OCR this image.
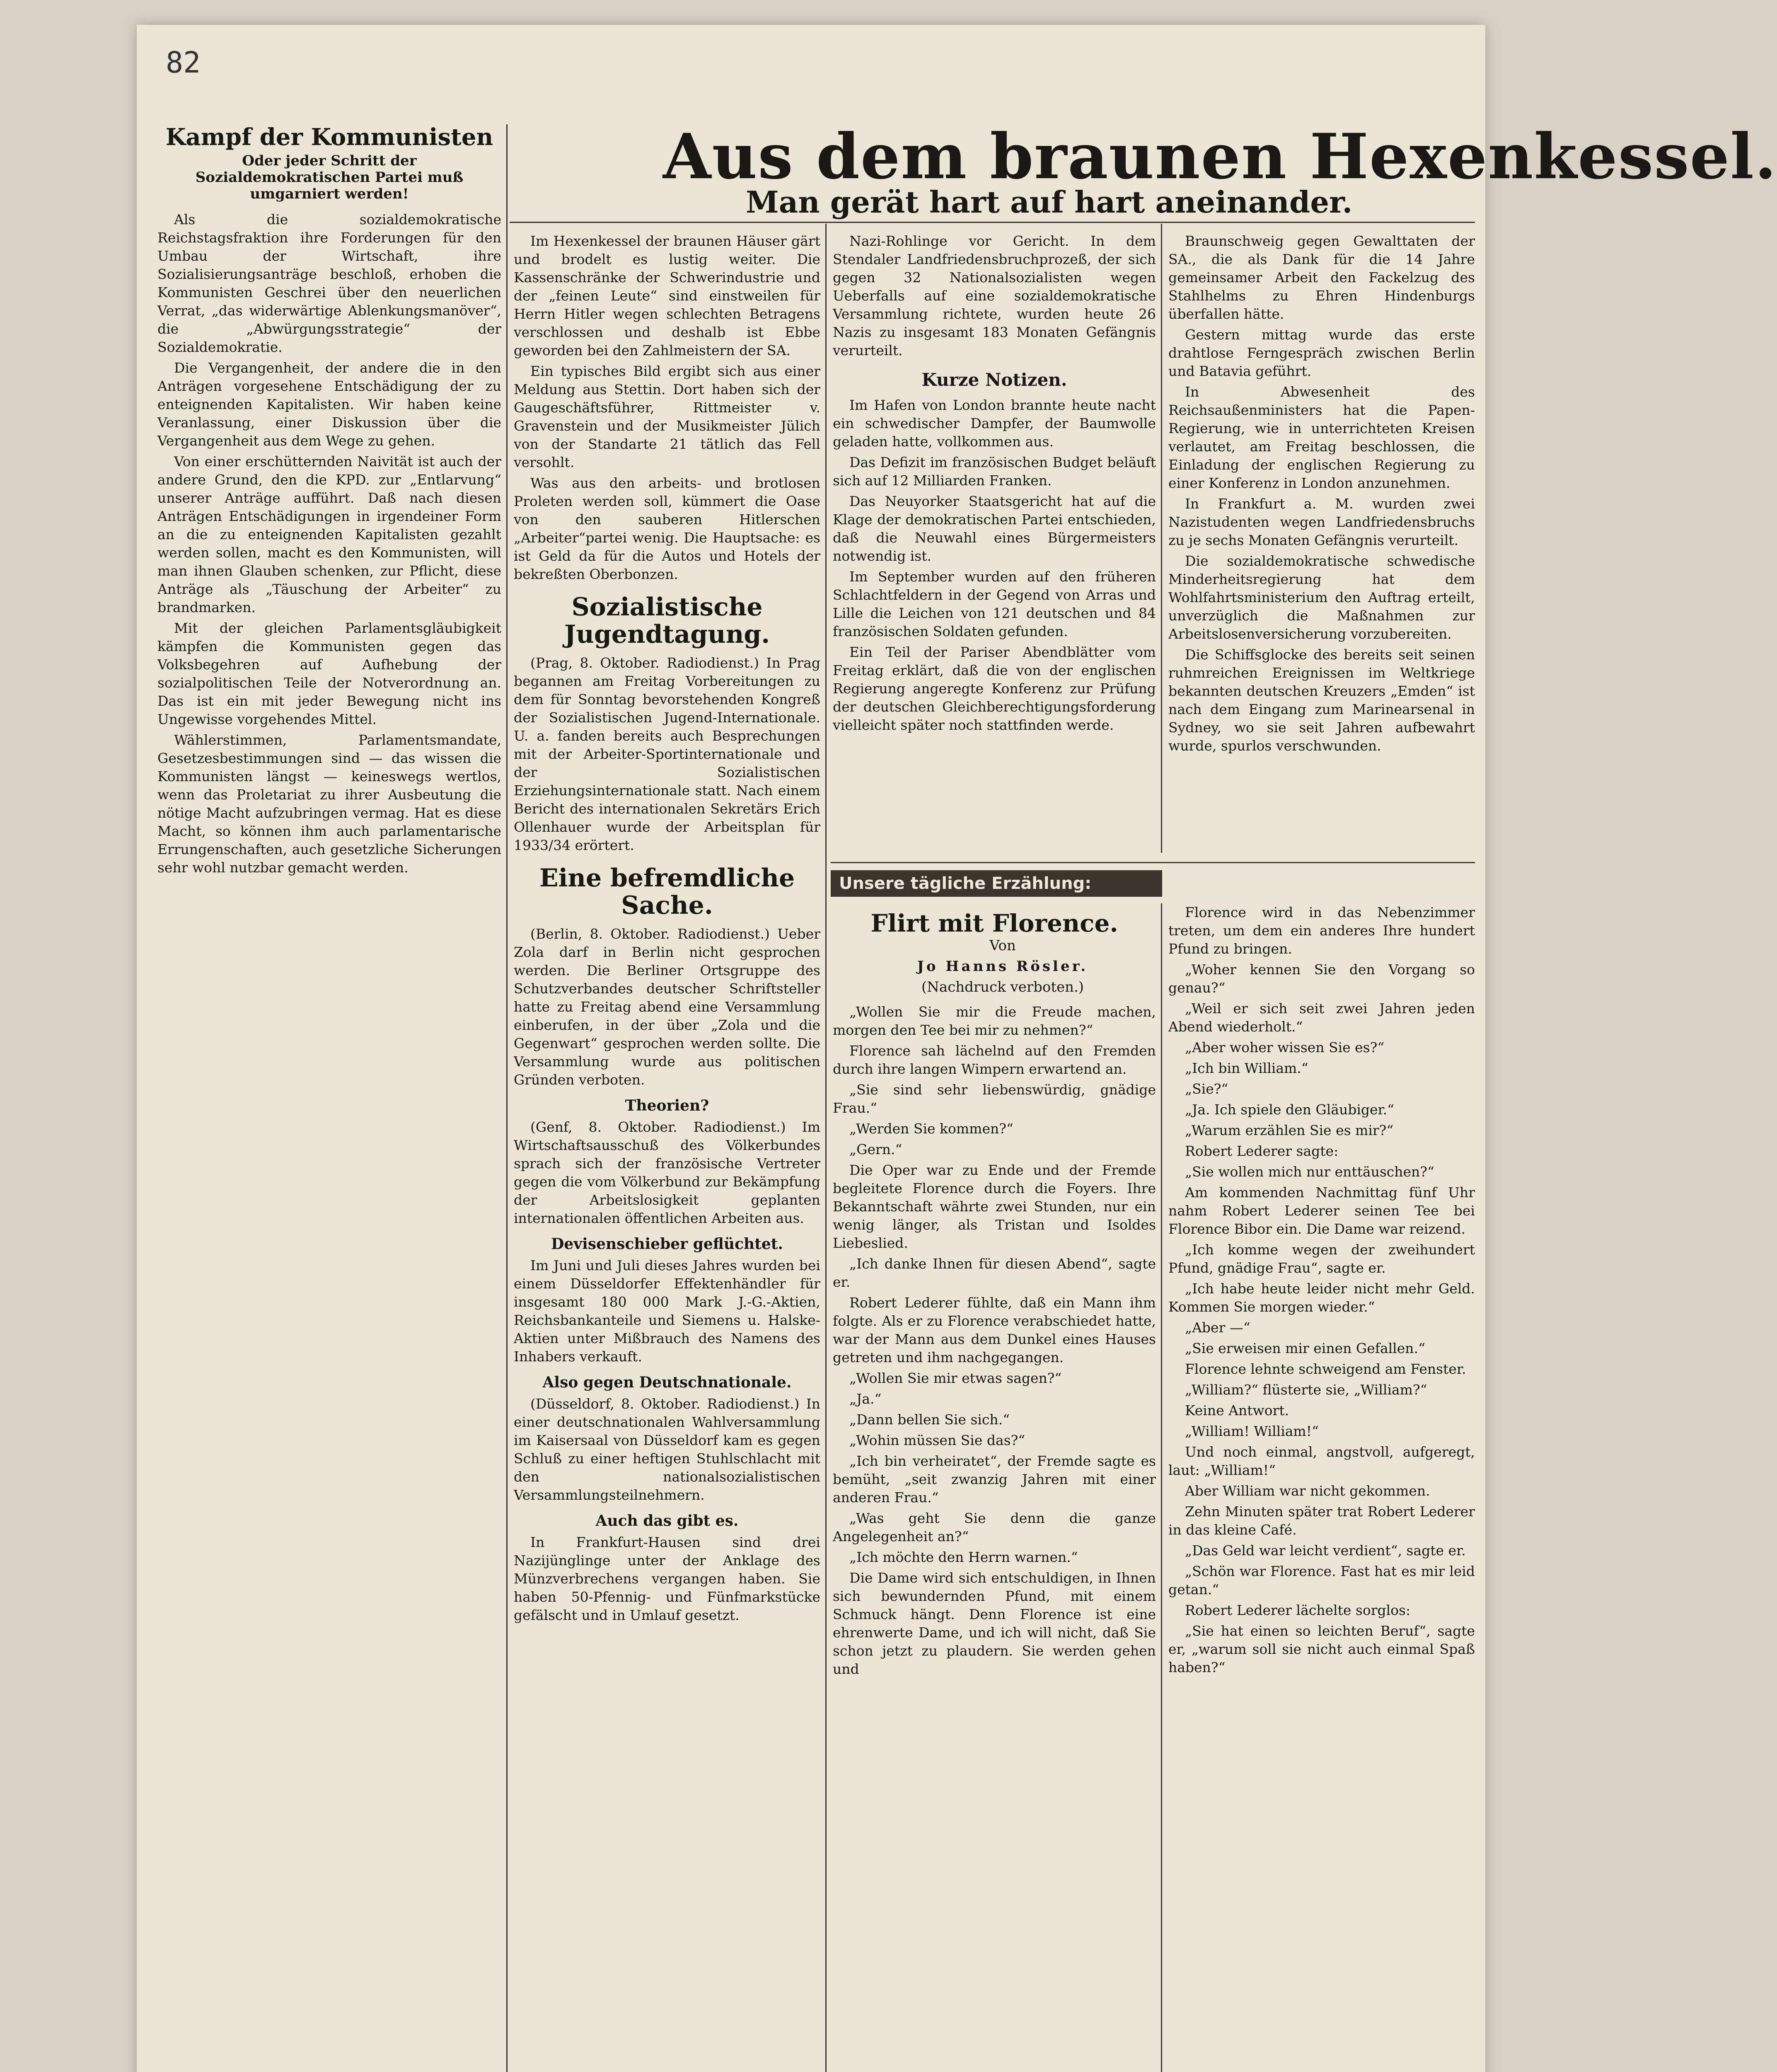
82
Aus dem braunen Hexenkessel.
Man gerät hart auf hart aneinander.
Kampf der Kommunisten
Oder jeder Schritt der Sozialdemokratischen Partei muß umgarniert werden!

Als die sozialdemokratische Reichstagsfraktion ihre Forderungen für den Umbau der Wirtschaft, ihre Sozialisierungsanträge beschloß, erhoben die Kommunisten Geschrei über den neuerlichen Verrat, „das widerwärtige Ablenkungsmanöver“, die „Abwürgungsstrategie“ der Sozialdemokratie.

Die Vergangenheit, der andere die in den Anträgen vorgesehene Entschädigung der zu enteignenden Kapitalisten. Wir haben keine Veranlassung, einer Diskussion über die Vergangenheit aus dem Wege zu gehen.

Von einer erschütternden Naivität ist auch der andere Grund, den die KPD. zur „Entlarvung“ unserer Anträge aufführt. Daß nach diesen Anträgen Entschädigungen in irgendeiner Form an die zu enteignenden Kapitalisten gezahlt werden sollen, macht es den Kommunisten, will man ihnen Glauben schenken, zur Pflicht, diese Anträge als „Täuschung der Arbeiter“ zu brandmarken.

Mit der gleichen Parlamentsgläubigkeit kämpfen die Kommunisten gegen das Volksbegehren auf Aufhebung der sozialpolitischen Teile der Notverordnung an. Das ist ein mit jeder Bewegung nicht ins Ungewisse vorgehendes Mittel.

Wählerstimmen, Parlamentsmandate, Gesetzesbestimmungen sind — das wissen die Kommunisten längst — keineswegs wertlos, wenn das Proletariat zu ihrer Ausbeutung die nötige Macht aufzubringen vermag. Hat es diese Macht, so können ihm auch parlamentarische Errungenschaften, auch gesetzliche Sicherungen sehr wohl nutzbar gemacht werden.

Im Hexenkessel der braunen Häuser gärt und brodelt es lustig weiter. Die Kassenschränke der Schwerindustrie und der „feinen Leute“ sind einstweilen für Herrn Hitler wegen schlechten Betragens verschlossen und deshalb ist Ebbe geworden bei den Zahlmeistern der SA.

Ein typisches Bild ergibt sich aus einer Meldung aus Stettin. Dort haben sich der Gaugeschäftsführer, Rittmeister v. Gravenstein und der Musikmeister Jülich von der Standarte 21 tätlich das Fell versohlt.

Was aus den arbeits- und brotlosen Proleten werden soll, kümmert die Oase von den sauberen Hitlerschen „Arbeiter“partei wenig. Die Hauptsache: es ist Geld da für die Autos und Hotels der bekreßten Oberbonzen.

Sozialistische Jugendtagung.

(Prag, 8. Oktober. Radiodienst.) In Prag begannen am Freitag Vorbereitungen zu dem für Sonntag bevorstehenden Kongreß der Sozialistischen Jugend-Internationale. U. a. fanden bereits auch Besprechungen mit der Arbeiter-Sportinternationale und der Sozialistischen Erziehungsinternationale statt. Nach einem Bericht des internationalen Sekretärs Erich Ollenhauer wurde der Arbeitsplan für 1933/34 erörtert.

Eine befremdliche Sache.

(Berlin, 8. Oktober. Radiodienst.) Ueber Zola darf in Berlin nicht gesprochen werden. Die Berliner Ortsgruppe des Schutzverbandes deutscher Schriftsteller hatte zu Freitag abend eine Versammlung einberufen, in der über „Zola und die Gegenwart“ gesprochen werden sollte. Die Versammlung wurde aus politischen Gründen verboten.

Theorien?

(Genf, 8. Oktober. Radiodienst.) Im Wirtschaftsausschuß des Völkerbundes sprach sich der französische Vertreter gegen die vom Völkerbund zur Bekämpfung der Arbeitslosigkeit geplanten internationalen öffentlichen Arbeiten aus.

Devisenschieber geflüchtet.

Im Juni und Juli dieses Jahres wurden bei einem Düsseldorfer Effektenhändler für insgesamt 180 000 Mark J.-G.-Aktien, Reichsbankanteile und Siemens u. Halske-Aktien unter Mißbrauch des Namens des Inhabers verkauft.

Also gegen Deutschnationale.

(Düsseldorf, 8. Oktober. Radiodienst.) In einer deutschnationalen Wahlversammlung im Kaisersaal von Düsseldorf kam es gegen Schluß zu einer heftigen Stuhlschlacht mit den nationalsozialistischen Versammlungsteilnehmern.

Auch das gibt es.

In Frankfurt-Hausen sind drei Nazijünglinge unter der Anklage des Münzverbrechens vergangen haben. Sie haben 50-Pfennig- und Fünfmarkstücke gefälscht und in Umlauf gesetzt.

Nazi-Rohlinge vor Gericht. In dem Stendaler Landfriedensbruchprozeß, der sich gegen 32 Nationalsozialisten wegen Ueberfalls auf eine sozialdemokratische Versammlung richtete, wurden heute 26 Nazis zu insgesamt 183 Monaten Gefängnis verurteilt.

Kurze Notizen.

Im Hafen von London brannte heute nacht ein schwedischer Dampfer, der Baumwolle geladen hatte, vollkommen aus.

Das Defizit im französischen Budget beläuft sich auf 12 Milliarden Franken.

Das Neuyorker Staatsgericht hat auf die Klage der demokratischen Partei entschieden, daß die Neuwahl eines Bürgermeisters notwendig ist.

Im September wurden auf den früheren Schlachtfeldern in der Gegend von Arras und Lille die Leichen von 121 deutschen und 84 französischen Soldaten gefunden.

Ein Teil der Pariser Abendblätter vom Freitag erklärt, daß die von der englischen Regierung angeregte Konferenz zur Prüfung der deutschen Gleichberechtigungsforderung vielleicht später noch stattfinden werde.

Braunschweig gegen Gewalttaten der SA., die als Dank für die 14 Jahre gemeinsamer Arbeit den Fackelzug des Stahlhelms zu Ehren Hindenburgs überfallen hätte.

Gestern mittag wurde das erste drahtlose Ferngespräch zwischen Berlin und Batavia geführt.

In Abwesenheit des Reichsaußenministers hat die Papen-Regierung, wie in unterrichteten Kreisen verlautet, am Freitag beschlossen, die Einladung der englischen Regierung zu einer Konferenz in London anzunehmen.

In Frankfurt a. M. wurden zwei Nazistudenten wegen Landfriedensbruchs zu je sechs Monaten Gefängnis verurteilt.

Die sozialdemokratische schwedische Minderheitsregierung hat dem Wohlfahrtsministerium den Auftrag erteilt, unverzüglich die Maßnahmen zur Arbeitslosenversicherung vorzubereiten.

Die Schiffsglocke des bereits seit seinen ruhmreichen Ereignissen im Weltkriege bekannten deutschen Kreuzers „Emden“ ist nach dem Eingang zum Marinearsenal in Sydney, wo sie seit Jahren aufbewahrt wurde, spurlos verschwunden.

Unsere tägliche Erzählung:
Flirt mit Florence.

Von

Jo Hanns Rösler.

(Nachdruck verboten.)

„Wollen Sie mir die Freude machen, morgen den Tee bei mir zu nehmen?“

Florence sah lächelnd auf den Fremden durch ihre langen Wimpern erwartend an.

„Sie sind sehr liebenswürdig, gnädige Frau.“

„Werden Sie kommen?“

„Gern.“

Die Oper war zu Ende und der Fremde begleitete Florence durch die Foyers. Ihre Bekanntschaft währte zwei Stunden, nur ein wenig länger, als Tristan und Isoldes Liebeslied.

„Ich danke Ihnen für diesen Abend“, sagte er.

Robert Lederer fühlte, daß ein Mann ihm folgte. Als er zu Florence verabschiedet hatte, war der Mann aus dem Dunkel eines Hauses getreten und ihm nachgegangen.

„Wollen Sie mir etwas sagen?“

„Ja.“

„Dann bellen Sie sich.“

„Wohin müssen Sie das?“

„Ich bin verheiratet“, der Fremde sagte es bemüht, „seit zwanzig Jahren mit einer anderen Frau.“

„Was geht Sie denn die ganze Angelegenheit an?“

„Ich möchte den Herrn warnen.“

Die Dame wird sich entschuldigen, in Ihnen sich bewundernden Pfund, mit einem Schmuck hängt. Denn Florence ist eine ehrenwerte Dame, und ich will nicht, daß Sie schon jetzt zu plaudern. Sie werden gehen und

Florence wird in das Nebenzimmer treten, um dem ein anderes Ihre hundert Pfund zu bringen.

„Woher kennen Sie den Vorgang so genau?“

„Weil er sich seit zwei Jahren jeden Abend wiederholt.“

„Aber woher wissen Sie es?“

„Ich bin William.“

„Sie?“

„Ja. Ich spiele den Gläubiger.“

„Warum erzählen Sie es mir?“

Robert Lederer sagte:

„Sie wollen mich nur enttäuschen?“

Am kommenden Nachmittag fünf Uhr nahm Robert Lederer seinen Tee bei Florence Bibor ein. Die Dame war reizend.

„Ich komme wegen der zweihundert Pfund, gnädige Frau“, sagte er.

„Ich habe heute leider nicht mehr Geld. Kommen Sie morgen wieder.“

„Aber —“

„Sie erweisen mir einen Gefallen.“

Florence lehnte schweigend am Fenster.

„William?“ flüsterte sie, „William?“

Keine Antwort.

„William! William!“

Und noch einmal, angstvoll, aufgeregt, laut: „William!“

Aber William war nicht gekommen.

Zehn Minuten später trat Robert Lederer in das kleine Café.

„Das Geld war leicht verdient“, sagte er.

„Schön war Florence. Fast hat es mir leid getan.“

Robert Lederer lächelte sorglos:

„Sie hat einen so leichten Beruf“, sagte er, „warum soll sie nicht auch einmal Spaß haben?“
